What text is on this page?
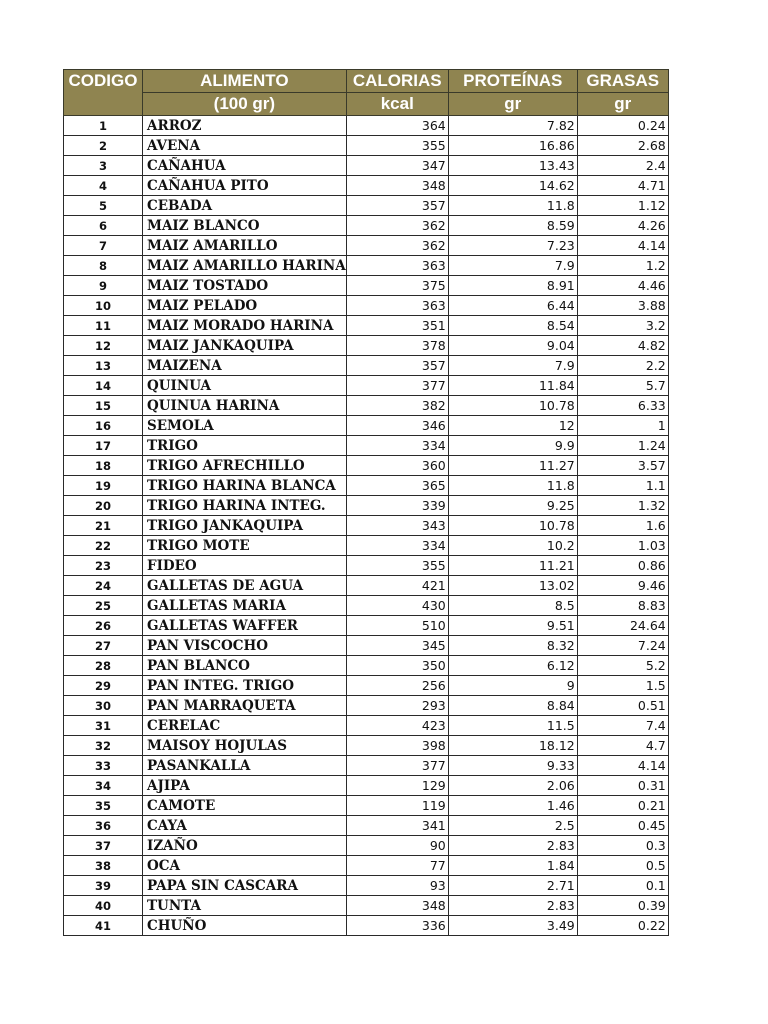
CODIGO	ALIMENTO	CALORIAS	PROTEÍNAS	GRASAS
	(100 gr)	kcal	gr	gr
1	ARROZ	364	7.82	0.24
2	AVENA	355	16.86	2.68
3	CAÑAHUA	347	13.43	2.4
4	CAÑAHUA PITO	348	14.62	4.71
5	CEBADA	357	11.8	1.12
6	MAIZ BLANCO	362	8.59	4.26
7	MAIZ AMARILLO	362	7.23	4.14
8	MAIZ AMARILLO HARINA	363	7.9	1.2
9	MAIZ TOSTADO	375	8.91	4.46
10	MAIZ PELADO	363	6.44	3.88
11	MAIZ MORADO HARINA	351	8.54	3.2
12	MAIZ JANKAQUIPA	378	9.04	4.82
13	MAIZENA	357	7.9	2.2
14	QUINUA	377	11.84	5.7
15	QUINUA HARINA	382	10.78	6.33
16	SEMOLA	346	12	1
17	TRIGO	334	9.9	1.24
18	TRIGO AFRECHILLO	360	11.27	3.57
19	TRIGO HARINA BLANCA	365	11.8	1.1
20	TRIGO HARINA INTEG.	339	9.25	1.32
21	TRIGO JANKAQUIPA	343	10.78	1.6
22	TRIGO MOTE	334	10.2	1.03
23	FIDEO	355	11.21	0.86
24	GALLETAS DE AGUA	421	13.02	9.46
25	GALLETAS MARIA	430	8.5	8.83
26	GALLETAS WAFFER	510	9.51	24.64
27	PAN VISCOCHO	345	8.32	7.24
28	PAN BLANCO	350	6.12	5.2
29	PAN INTEG. TRIGO	256	9	1.5
30	PAN MARRAQUETA	293	8.84	0.51
31	CERELAC	423	11.5	7.4
32	MAISOY HOJULAS	398	18.12	4.7
33	PASANKALLA	377	9.33	4.14
34	AJIPA	129	2.06	0.31
35	CAMOTE	119	1.46	0.21
36	CAYA	341	2.5	0.45
37	IZAÑO	90	2.83	0.3
38	OCA	77	1.84	0.5
39	PAPA SIN CASCARA	93	2.71	0.1
40	TUNTA	348	2.83	0.39
41	CHUÑO	336	3.49	0.22
